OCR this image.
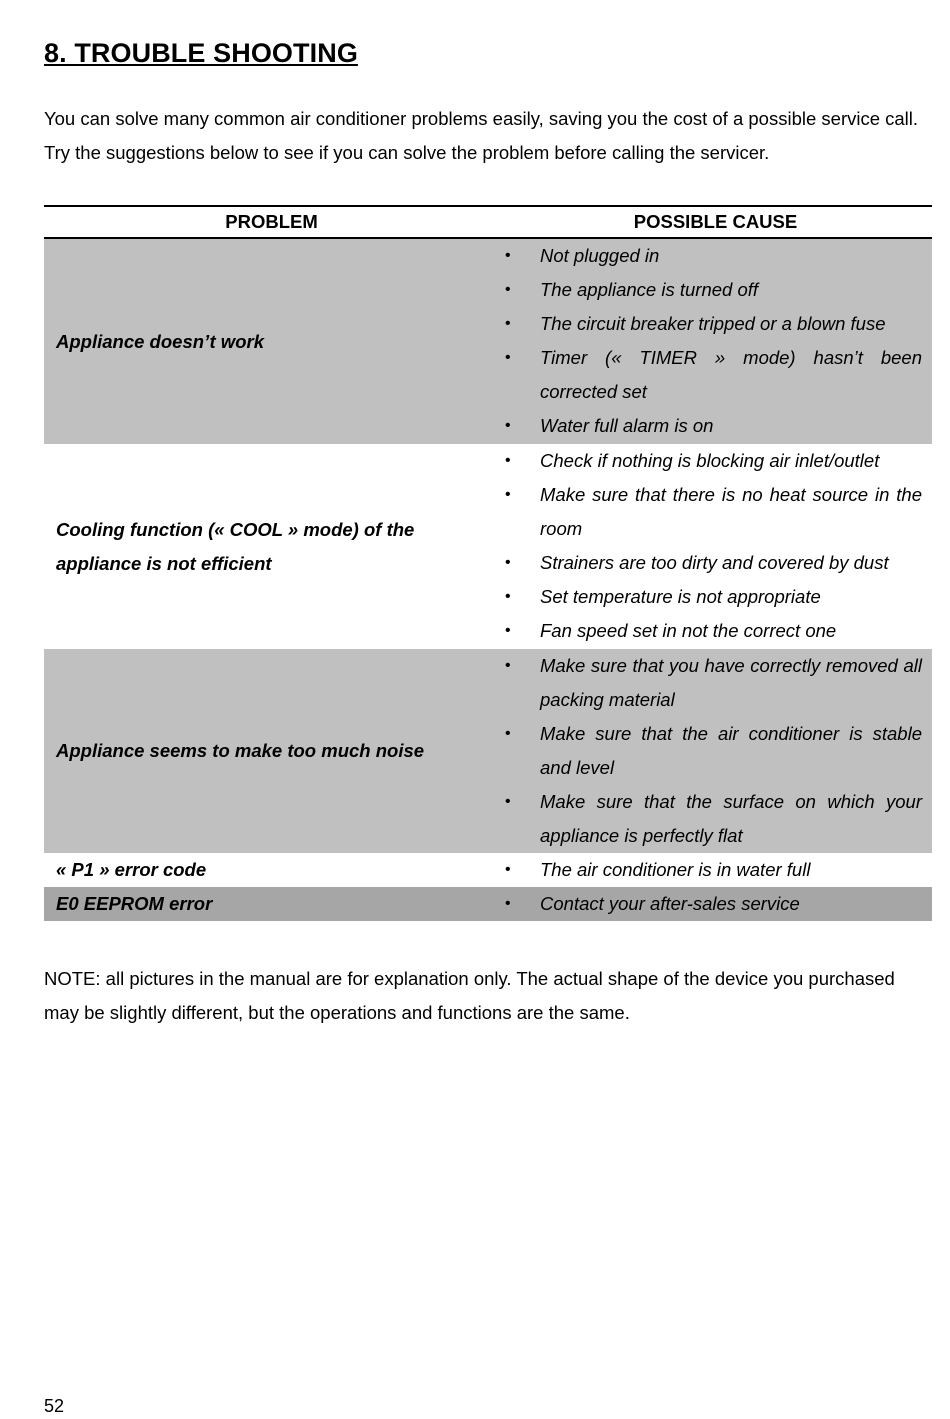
8. TROUBLE SHOOTING

You can solve many common air conditioner problems easily, saving you the cost of a possible service call.

Try the suggestions below to see if you can solve the problem before calling the servicer.

PROBLEM	POSSIBLE CAUSE
Appliance doesn’t work
• Not plugged in
• The appliance is turned off
• The circuit breaker tripped or a blown fuse
• Timer (« TIMER » mode) hasn’t been corrected set
• Water full alarm is on
Cooling function (« COOL » mode) of the appliance is not efficient
• Check if nothing is blocking air inlet/outlet
• Make sure that there is no heat source in the room
• Strainers are too dirty and covered by dust
• Set temperature is not appropriate
• Fan speed set in not the correct one
Appliance seems to make too much noise
• Make sure that you have correctly removed all packing material
• Make sure that the air conditioner is stable and level
• Make sure that the surface on which your appliance is perfectly flat
« P1 » error code	• The air conditioner is in water full
E0 EEPROM error	• Contact your after-sales service

NOTE: all pictures in the manual are for explanation only. The actual shape of the device you purchased may be slightly different, but the operations and functions are the same.

52
